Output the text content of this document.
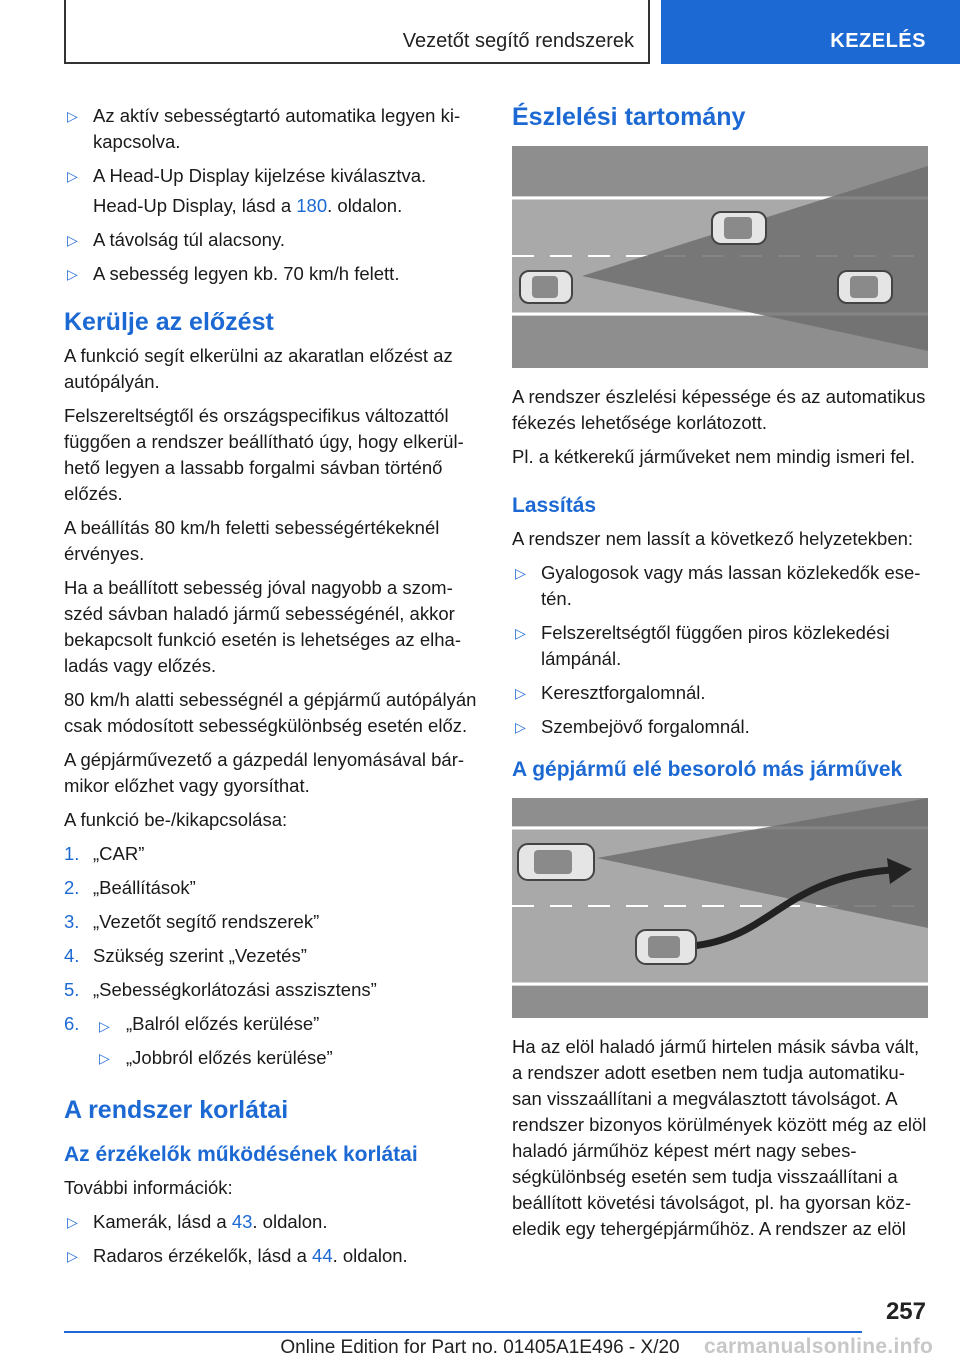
Vezetőt segítő rendszerek	KEZELÉS
▷ Az aktív sebességtartó automatika legyen kikapcsolva.
▷ A Head-Up Display kijelzése kiválasztva.
Head-Up Display, lásd a 180. oldalon.
▷ A távolság túl alacsony.
▷ A sebesség legyen kb. 70 km/h felett.
Kerülje az előzést

A funkció segít elkerülni az akaratlan előzést az autópályán.

Felszereltségtől és országspecifikus változattól függően a rendszer beállítható úgy, hogy elkerülhető legyen a lassabb forgalmi sávban történő előzés.

A beállítás 80 km/h feletti sebességértékeknél érvényes.

Ha a beállított sebesség jóval nagyobb a szomszéd sávban haladó jármű sebességénél, akkor bekapcsolt funkció esetén is lehetséges az elhaladás vagy előzés.

80 km/h alatti sebességnél a gépjármű autópályán csak módosított sebességkülönbség esetén előz.

A gépjárművezető a gázpedál lenyomásával bármikor előzhet vagy gyorsíthat.

A funkció be-/kikapcsolása:

1. „CAR”
2. „Beállítások”
3. „Vezetőt segítő rendszerek”
4. Szükség szerint „Vezetés”
5. „Sebességkorlátozási asszisztens”
6. ▷ „Balról előzés kerülése”
▷ „Jobbról előzés kerülése”
A rendszer korlátai
Az érzékelők működésének korlátai

További információk:

▷ Kamerák, lásd a 43. oldalon.
▷ Radaros érzékelők, lásd a 44. oldalon.
Észlelési tartomány

A rendszer észlelési képessége és az automatikus fékezés lehetősége korlátozott.

Pl. a kétkerekű járműveket nem mindig ismeri fel.

Lassítás

A rendszer nem lassít a következő helyzetekben:

▷ Gyalogosok vagy más lassan közlekedők esetén.
▷ Felszereltségtől függően piros közlekedési lámpánál.
▷ Keresztforgalomnál.
▷ Szembejövő forgalomnál.
A gépjármű elé besoroló más járművek

Ha az elöl haladó jármű hirtelen másik sávba vált, a rendszer adott esetben nem tudja automatikusan visszaállítani a megválasztott távolságot. A rendszer bizonyos körülmények között még az elöl haladó járműhöz képest mért nagy sebességkülönbség esetén sem tudja visszaállítani a beállított követési távolságot, pl. ha gyorsan közeledik egy tehergépjárműhöz. A rendszer az elöl

257
Online Edition for Part no. 01405A1E496 - X/20	carmanualsonline.info
